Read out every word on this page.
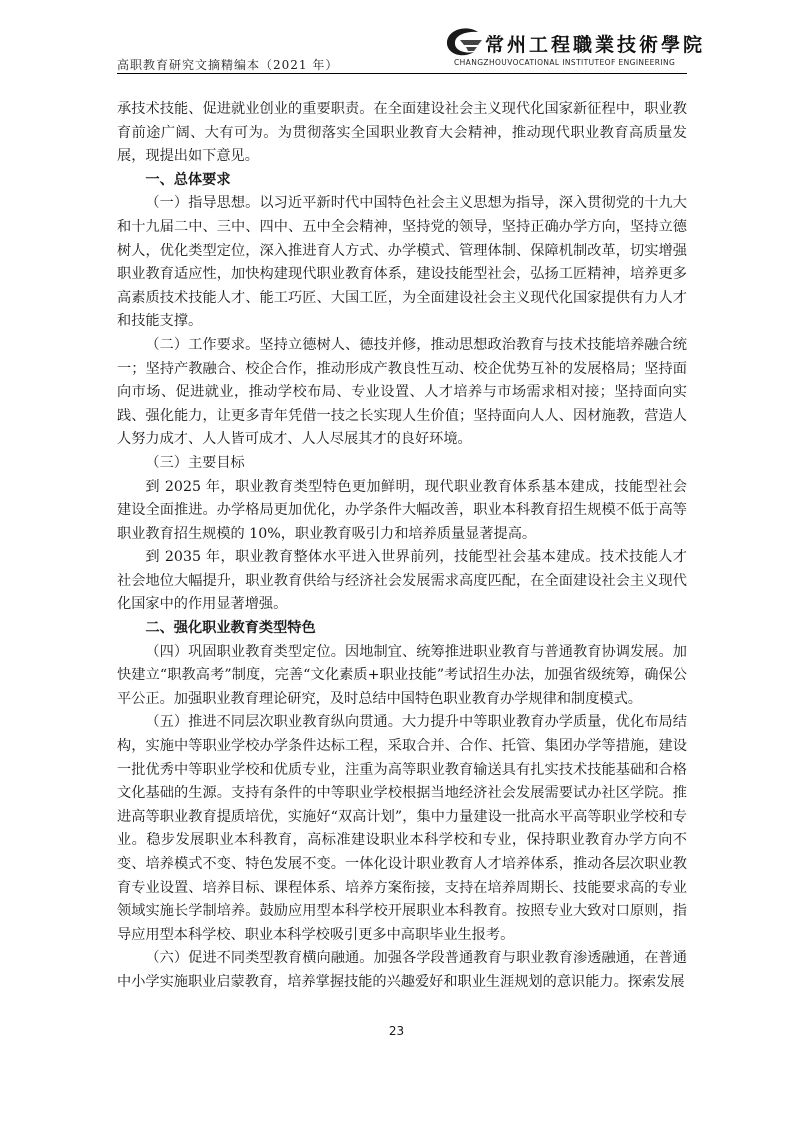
高职教育研究文摘精编本（2021 年）
常州工程職業技術學院
CHANGZHOUVOCATIONAL INSTITUTEOF ENGINEERING

承技术技能、促进就业创业的重要职责。在全面建设社会主义现代化国家新征程中，职业教育前途广阔、大有可为。为贯彻落实全国职业教育大会精神，推动现代职业教育高质量发展，现提出如下意见。

一、总体要求

（一）指导思想。以习近平新时代中国特色社会主义思想为指导，深入贯彻党的十九大和十九届二中、三中、四中、五中全会精神，坚持党的领导，坚持正确办学方向，坚持立德树人，优化类型定位，深入推进育人方式、办学模式、管理体制、保障机制改革，切实增强职业教育适应性，加快构建现代职业教育体系，建设技能型社会，弘扬工匠精神，培养更多高素质技术技能人才、能工巧匠、大国工匠，为全面建设社会主义现代化国家提供有力人才和技能支撑。

（二）工作要求。坚持立德树人、德技并修，推动思想政治教育与技术技能培养融合统一；坚持产教融合、校企合作，推动形成产教良性互动、校企优势互补的发展格局；坚持面向市场、促进就业，推动学校布局、专业设置、人才培养与市场需求相对接；坚持面向实践、强化能力，让更多青年凭借一技之长实现人生价值；坚持面向人人、因材施教，营造人人努力成才、人人皆可成才、人人尽展其才的良好环境。

（三）主要目标

到 2025 年，职业教育类型特色更加鲜明，现代职业教育体系基本建成，技能型社会建设全面推进。办学格局更加优化，办学条件大幅改善，职业本科教育招生规模不低于高等职业教育招生规模的 10%，职业教育吸引力和培养质量显著提高。

到 2035 年，职业教育整体水平进入世界前列，技能型社会基本建成。技术技能人才社会地位大幅提升，职业教育供给与经济社会发展需求高度匹配，在全面建设社会主义现代化国家中的作用显著增强。

二、强化职业教育类型特色

（四）巩固职业教育类型定位。因地制宜、统筹推进职业教育与普通教育协调发展。加快建立“职教高考”制度，完善“文化素质+职业技能”考试招生办法，加强省级统筹，确保公平公正。加强职业教育理论研究，及时总结中国特色职业教育办学规律和制度模式。

（五）推进不同层次职业教育纵向贯通。大力提升中等职业教育办学质量，优化布局结构，实施中等职业学校办学条件达标工程，采取合并、合作、托管、集团办学等措施，建设一批优秀中等职业学校和优质专业，注重为高等职业教育输送具有扎实技术技能基础和合格文化基础的生源。支持有条件的中等职业学校根据当地经济社会发展需要试办社区学院。推进高等职业教育提质培优，实施好“双高计划”，集中力量建设一批高水平高等职业学校和专业。稳步发展职业本科教育，高标准建设职业本科学校和专业，保持职业教育办学方向不变、培养模式不变、特色发展不变。一体化设计职业教育人才培养体系，推动各层次职业教育专业设置、培养目标、课程体系、培养方案衔接，支持在培养周期长、技能要求高的专业领域实施长学制培养。鼓励应用型本科学校开展职业本科教育。按照专业大致对口原则，指导应用型本科学校、职业本科学校吸引更多中高职毕业生报考。

（六）促进不同类型教育横向融通。加强各学段普通教育与职业教育渗透融通，在普通中小学实施职业启蒙教育，培养掌握技能的兴趣爱好和职业生涯规划的意识能力。探索发展

23
